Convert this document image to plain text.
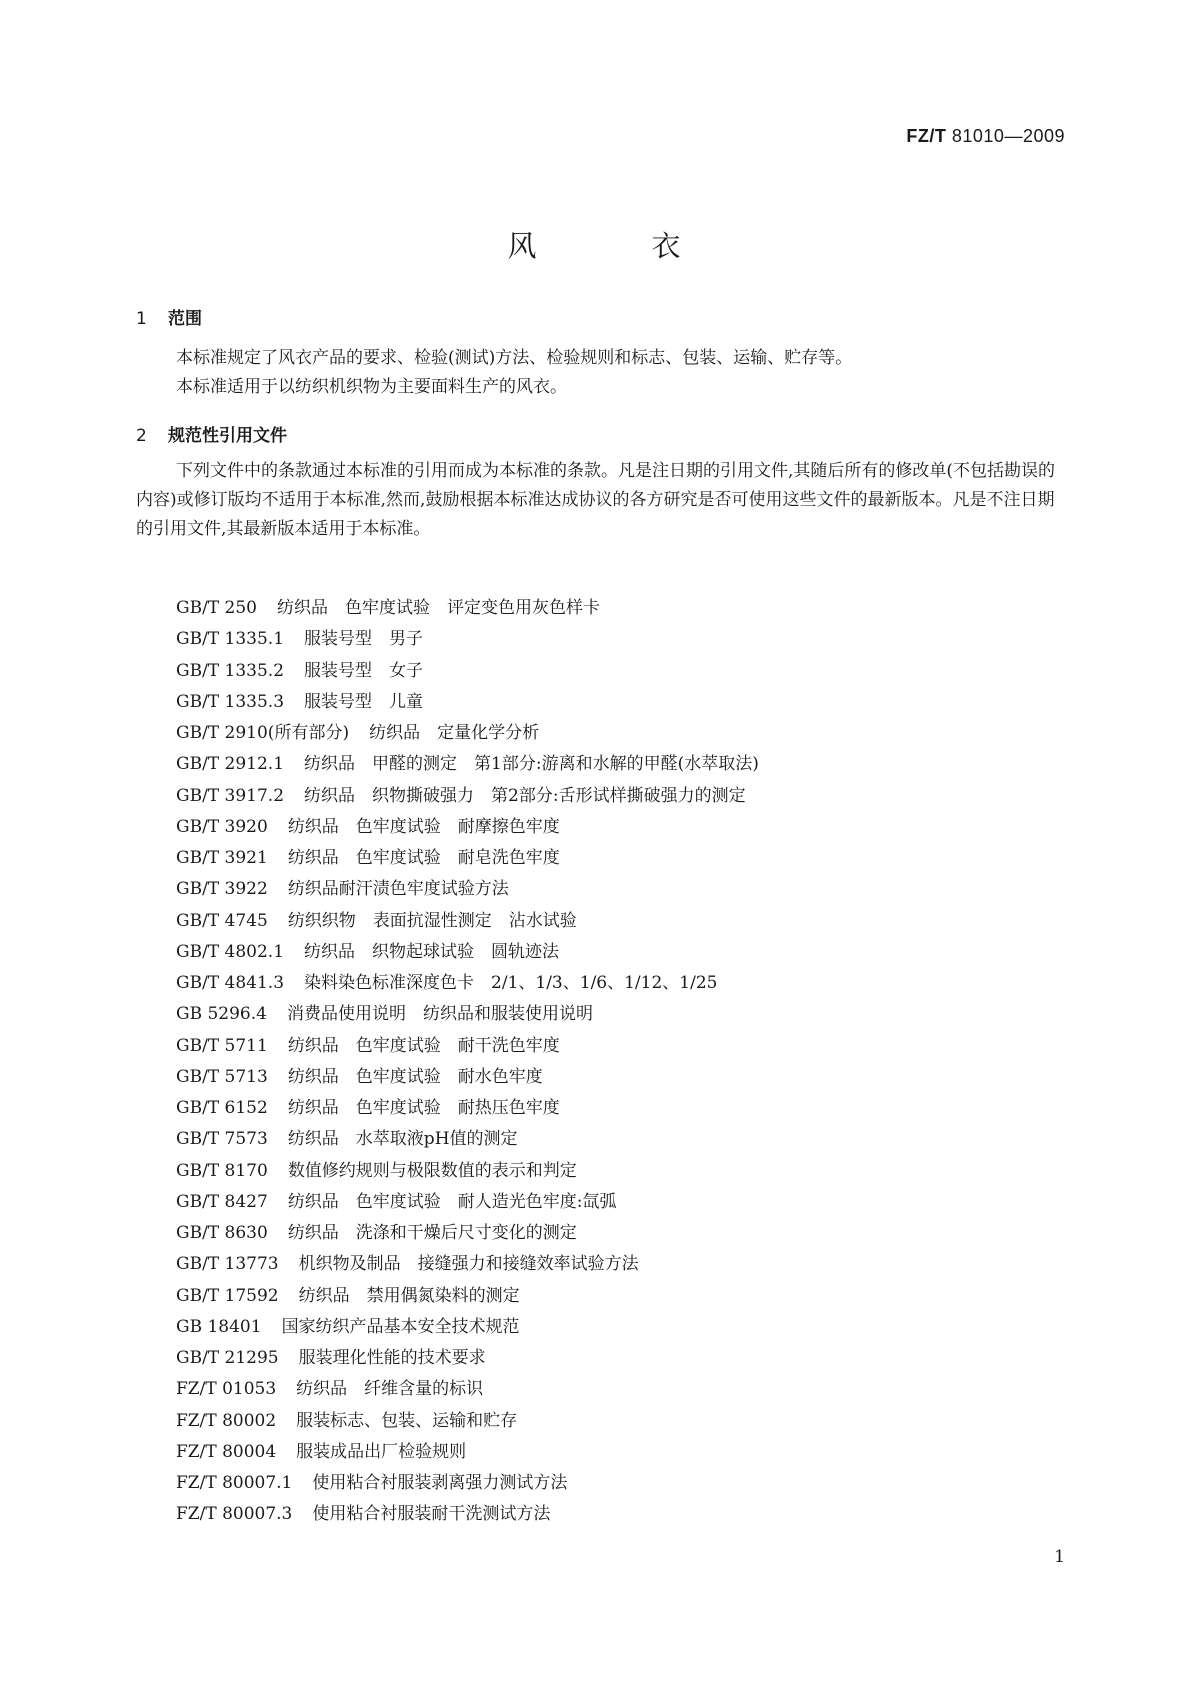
FZ/T 81010—2009
风	衣
1 范围

本标准规定了风衣产品的要求、检验(测试)方法、检验规则和标志、包装、运输、贮存等。

本标准适用于以纺织机织物为主要面料生产的风衣。

2 规范性引用文件

下列文件中的条款通过本标准的引用而成为本标准的条款。凡是注日期的引用文件,其随后所有的修改单(不包括勘误的内容)或修订版均不适用于本标准,然而,鼓励根据本标准达成协议的各方研究是否可使用这些文件的最新版本。凡是不注日期的引用文件,其最新版本适用于本标准。

GB/T 250 纺织品　色牢度试验　评定变色用灰色样卡
GB/T 1335.1 服装号型　男子
GB/T 1335.2 服装号型　女子
GB/T 1335.3 服装号型　儿童
GB/T 2910(所有部分) 纺织品　定量化学分析
GB/T 2912.1 纺织品　甲醛的测定　第1部分:游离和水解的甲醛(水萃取法)
GB/T 3917.2 纺织品　织物撕破强力　第2部分:舌形试样撕破强力的测定
GB/T 3920 纺织品　色牢度试验　耐摩擦色牢度
GB/T 3921 纺织品　色牢度试验　耐皂洗色牢度
GB/T 3922 纺织品耐汗渍色牢度试验方法
GB/T 4745 纺织织物　表面抗湿性测定　沾水试验
GB/T 4802.1 纺织品　织物起球试验　圆轨迹法
GB/T 4841.3 染料染色标准深度色卡　2/1、1/3、1/6、1/12、1/25
GB 5296.4 消费品使用说明　纺织品和服装使用说明
GB/T 5711 纺织品　色牢度试验　耐干洗色牢度
GB/T 5713 纺织品　色牢度试验　耐水色牢度
GB/T 6152 纺织品　色牢度试验　耐热压色牢度
GB/T 7573 纺织品　水萃取液pH值的测定
GB/T 8170 数值修约规则与极限数值的表示和判定
GB/T 8427 纺织品　色牢度试验　耐人造光色牢度:氙弧
GB/T 8630 纺织品　洗涤和干燥后尺寸变化的测定
GB/T 13773 机织物及制品　接缝强力和接缝效率试验方法
GB/T 17592 纺织品　禁用偶氮染料的测定
GB 18401 国家纺织产品基本安全技术规范
GB/T 21295 服装理化性能的技术要求
FZ/T 01053 纺织品　纤维含量的标识
FZ/T 80002 服装标志、包装、运输和贮存
FZ/T 80004 服装成品出厂检验规则
FZ/T 80007.1 使用粘合衬服装剥离强力测试方法
FZ/T 80007.3 使用粘合衬服装耐干洗测试方法
1
